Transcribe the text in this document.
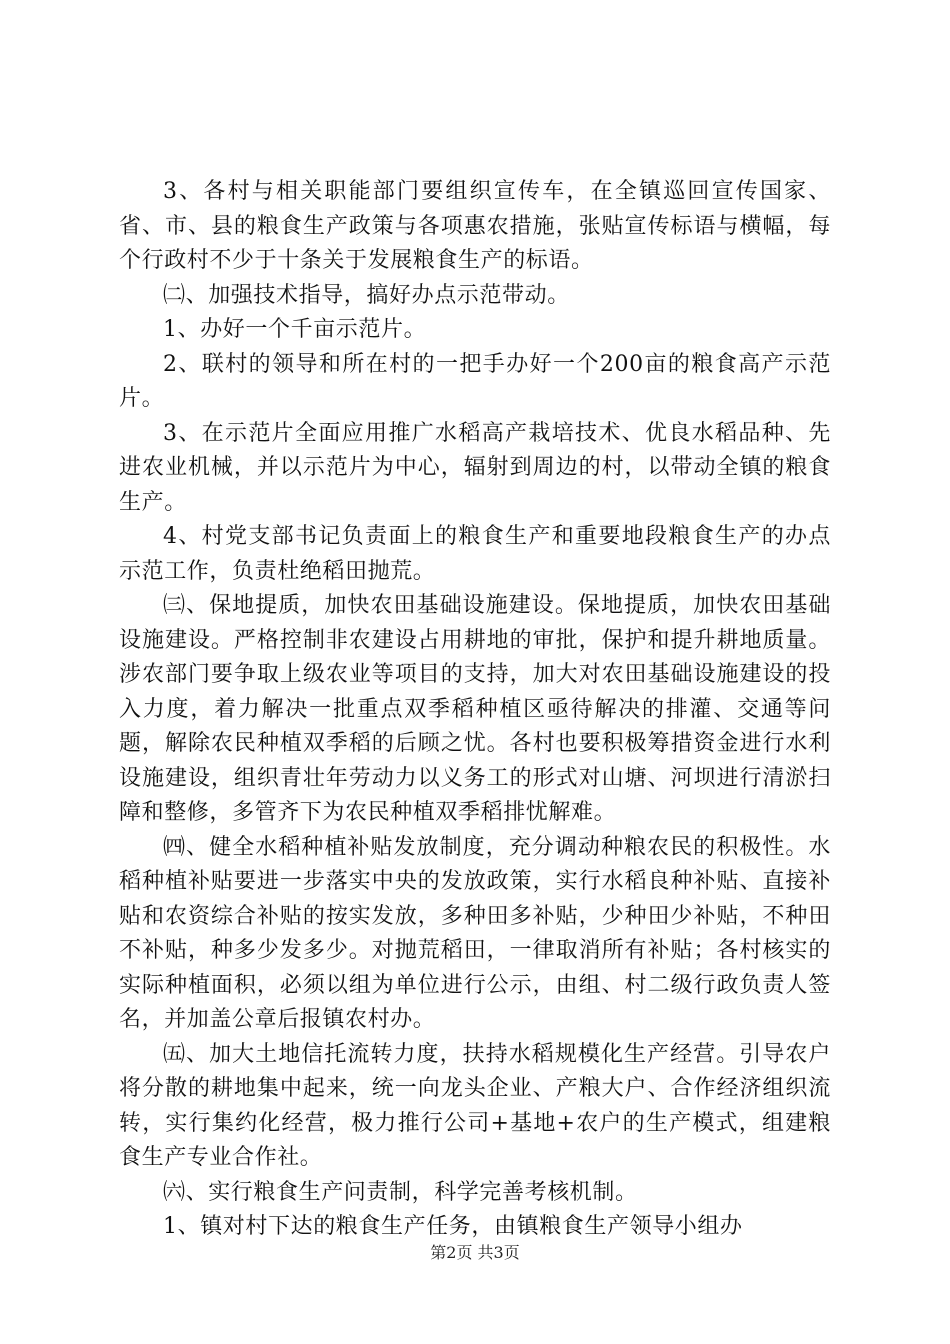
3、各村与相关职能部门要组织宣传车，在全镇巡回宣传国家、省、市、县的粮食生产政策与各项惠农措施，张贴宣传标语与横幅，每个行政村不少于十条关于发展粮食生产的标语。

㈡、加强技术指导，搞好办点示范带动。

1、办好一个千亩示范片。

2、联村的领导和所在村的一把手办好一个200亩的粮食高产示范片。

3、在示范片全面应用推广水稻高产栽培技术、优良水稻品种、先进农业机械，并以示范片为中心，辐射到周边的村，以带动全镇的粮食生产。

4、村党支部书记负责面上的粮食生产和重要地段粮食生产的办点示范工作，负责杜绝稻田抛荒。

㈢、保地提质，加快农田基础设施建设。保地提质，加快农田基础设施建设。严格控制非农建设占用耕地的审批，保护和提升耕地质量。涉农部门要争取上级农业等项目的支持，加大对农田基础设施建设的投入力度，着力解决一批重点双季稻种植区亟待解决的排灌、交通等问题，解除农民种植双季稻的后顾之忧。各村也要积极筹措资金进行水利设施建设，组织青壮年劳动力以义务工的形式对山塘、河坝进行清淤扫障和整修，多管齐下为农民种植双季稻排忧解难。

㈣、健全水稻种植补贴发放制度，充分调动种粮农民的积极性。水稻种植补贴要进一步落实中央的发放政策，实行水稻良种补贴、直接补贴和农资综合补贴的按实发放，多种田多补贴，少种田少补贴，不种田不补贴，种多少发多少。对抛荒稻田，一律取消所有补贴；各村核实的实际种植面积，必须以组为单位进行公示，由组、村二级行政负责人签名，并加盖公章后报镇农村办。

㈤、加大土地信托流转力度，扶持水稻规模化生产经营。引导农户将分散的耕地集中起来，统一向龙头企业、产粮大户、合作经济组织流转，实行集约化经营，极力推行公司+基地+农户的生产模式，组建粮食生产专业合作社。

㈥、实行粮食生产问责制，科学完善考核机制。

1、镇对村下达的粮食生产任务，由镇粮食生产领导小组办

第2页 共3页
